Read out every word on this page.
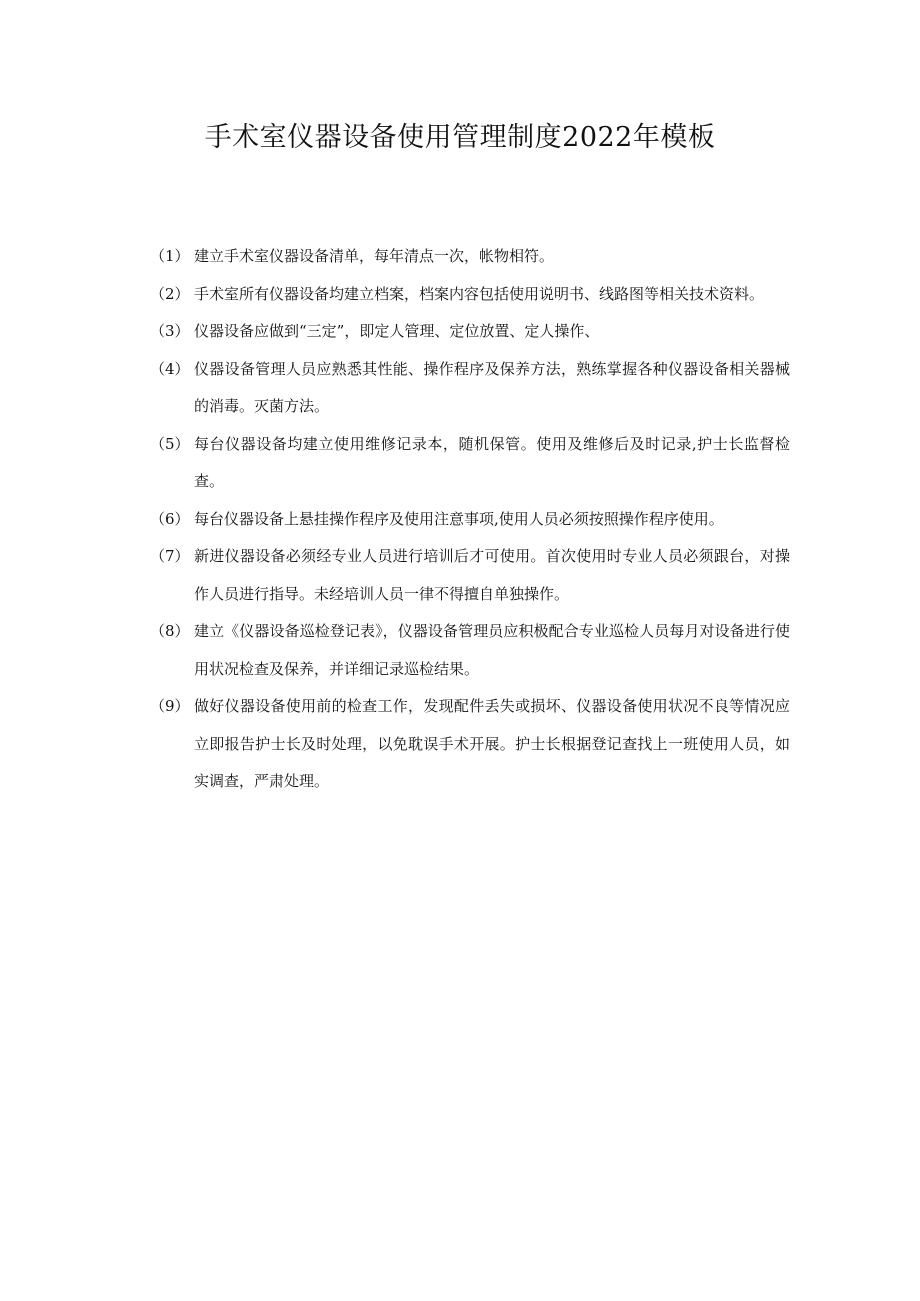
手术室仪器设备使用管理制度2022年模板
（1） 建立手术室仪器设备清单，每年清点一次，帐物相符。
（2） 手术室所有仪器设备均建立档案，档案内容包括使用说明书、线路图等相关技术资料。
（3） 仪器设备应做到“三定”，即定人管理、定位放置、定人操作、
（4） 仪器设备管理人员应熟悉其性能、操作程序及保养方法，熟练掌握各种仪器设备相关器械的消毒。灭菌方法。
（5） 每台仪器设备均建立使用维修记录本，随机保管。使用及维修后及时记录,护士长监督检查。
（6） 每台仪器设备上悬挂操作程序及使用注意事项,使用人员必须按照操作程序使用。
（7） 新进仪器设备必须经专业人员进行培训后才可使用。首次使用时专业人员必须跟台，对操作人员进行指导。未经培训人员一律不得擅自单独操作。
（8） 建立《仪器设备巡检登记表》，仪器设备管理员应积极配合专业巡检人员每月对设备进行使用状况检查及保养，并详细记录巡检结果。
（9） 做好仪器设备使用前的检查工作，发现配件丢失或损坏、仪器设备使用状况不良等情况应立即报告护士长及时处理，以免耽误手术开展。护士长根据登记查找上一班使用人员，如实调查，严肃处理。
